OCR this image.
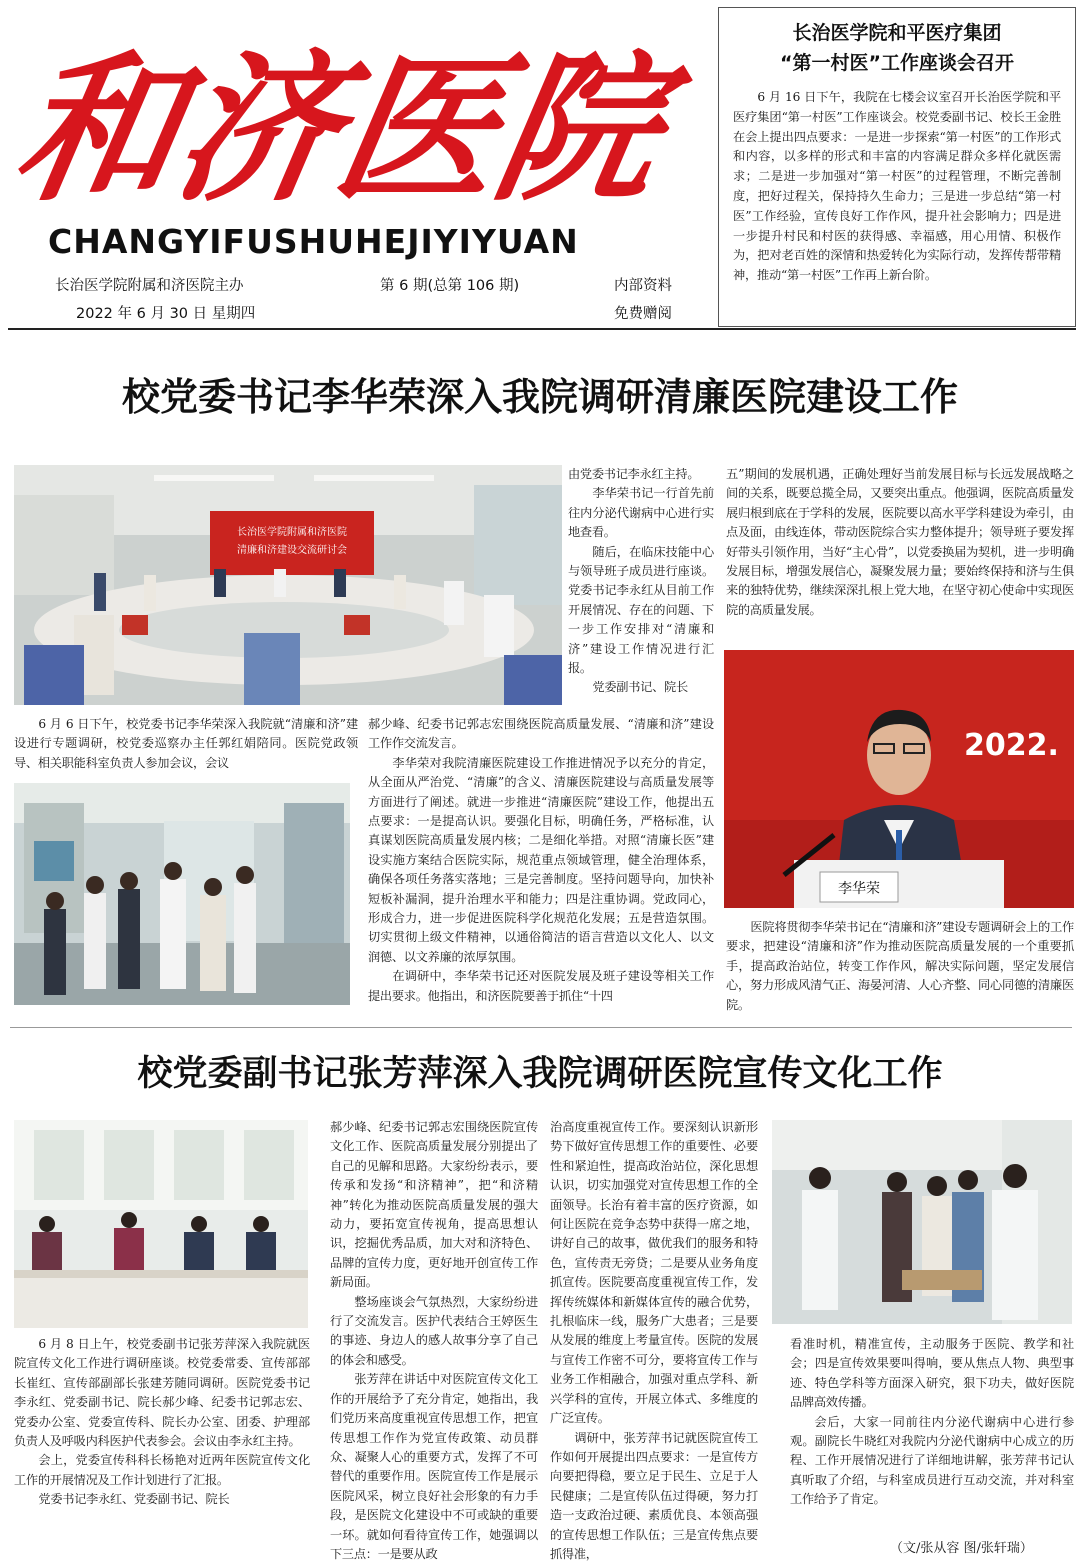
和济医院
CHANGYIFUSHUHEJIYIYUAN
长治医学院附属和济医院主办	第 6 期(总第 106 期)	内部资料
2022 年 6 月 30 日 星期四	免费赠阅
长治医学院和平医疗集团
“第一村医”工作座谈会召开

6 月 16 日下午，我院在七楼会议室召开长治医学院和平医疗集团“第一村医”工作座谈会。校党委副书记、校长王金胜在会上提出四点要求：一是进一步探索“第一村医”的工作形式和内容，以多样的形式和丰富的内容满足群众多样化就医需求；二是进一步加强对“第一村医”的过程管理，不断完善制度，把好过程关，保持持久生命力；三是进一步总结“第一村医”工作经验，宣传良好工作作风，提升社会影响力；四是进一步提升村民和村医的获得感、幸福感，用心用情、积极作为，把对老百姓的深情和热爱转化为实际行动，发挥传帮带精神，推动“第一村医”工作再上新台阶。

校党委书记李华荣深入我院调研清廉医院建设工作
长治医学院附属和济医院
清廉和济建设交流研讨会

由党委书记李永红主持。

李华荣书记一行首先前往内分泌代谢病中心进行实地查看。

随后，在临床技能中心与领导班子成员进行座谈。党委书记李永红从目前工作开展情况、存在的问题、下一步工作安排对“清廉和济”建设工作情况进行汇报。

党委副书记、院长

6 月 6 日下午，校党委书记李华荣深入我院就“清廉和济”建设进行专题调研，校党委巡察办主任郭红娟陪同。医院党政领导、相关职能科室负责人参加会议，会议

郝少峰、纪委书记郭志宏围绕医院高质量发展、“清廉和济”建设工作作交流发言。

李华荣对我院清廉医院建设工作推进情况予以充分的肯定，从全面从严治党、“清廉”的含义、清廉医院建设与高质量发展等方面进行了阐述。就进一步推进“清廉医院”建设工作，他提出五点要求：一是提高认识。要强化目标，明确任务，严格标准，认真谋划医院高质量发展内核；二是细化举措。对照“清廉长医”建设实施方案结合医院实际，规范重点领域管理，健全治理体系，确保各项任务落实落地；三是完善制度。坚持问题导向，加快补短板补漏洞，提升治理水平和能力；四是注重协调。党政同心，形成合力，进一步促进医院科学化规范化发展；五是营造氛围。切实贯彻上级文件精神，以通俗简洁的语言营造以文化人、以文润德、以文养廉的浓厚氛围。

在调研中，李华荣书记还对医院发展及班子建设等相关工作提出要求。他指出，和济医院要善于抓住“十四

五”期间的发展机遇，正确处理好当前发展目标与长远发展战略之间的关系，既要总揽全局，又要突出重点。他强调，医院高质量发展归根到底在于学科的发展，医院要以高水平学科建设为牵引，由点及面，由线连体，带动医院综合实力整体提升；领导班子要发挥好带头引领作用，当好“主心骨”，以党委换届为契机，进一步明确发展目标，增强发展信心，凝聚发展力量；要始终保持和济与生俱来的独特优势，继续深深扎根上党大地，在坚守初心使命中实现医院的高质量发展。

2022.
李华荣

医院将贯彻李华荣书记在“清廉和济”建设专题调研会上的工作要求，把建设“清廉和济”作为推动医院高质量发展的一个重要抓手，提高政治站位，转变工作作风，解决实际问题，坚定发展信心，努力形成风清气正、海晏河清、人心齐整、同心同德的清廉医院。

校党委副书记张芳萍深入我院调研医院宣传文化工作

6 月 8 日上午，校党委副书记张芳萍深入我院就医院宣传文化工作进行调研座谈。校党委常委、宣传部部长崔红、宣传部副部长张建芳随同调研。医院党委书记李永红、党委副书记、院长郝少峰、纪委书记郭志宏、党委办公室、党委宣传科、院长办公室、团委、护理部负责人及呼吸内科医护代表参会。会议由李永红主持。

会上，党委宣传科科长杨艳对近两年医院宣传文化工作的开展情况及工作计划进行了汇报。

党委书记李永红、党委副书记、院长

郝少峰、纪委书记郭志宏围绕医院宣传文化工作、医院高质量发展分别提出了自己的见解和思路。大家纷纷表示，要传承和发扬“和济精神”，把“和济精神”转化为推动医院高质量发展的强大动力，要拓宽宣传视角，提高思想认识，挖掘优秀品质，加大对和济特色、品牌的宣传力度，更好地开创宣传工作新局面。

整场座谈会气氛热烈，大家纷纷进行了交流发言。医护代表结合王婷医生的事迹、身边人的感人故事分享了自己的体会和感受。

张芳萍在讲话中对医院宣传文化工作的开展给予了充分肯定，她指出，我们党历来高度重视宣传思想工作，把宣传思想工作作为党宣传政策、动员群众、凝聚人心的重要方式，发挥了不可替代的重要作用。医院宣传工作是展示医院风采，树立良好社会形象的有力手段，是医院文化建设中不可或缺的重要一环。就如何看待宣传工作，她强调以下三点：一是要从政

治高度重视宣传工作。要深刻认识新形势下做好宣传思想工作的重要性、必要性和紧迫性，提高政治站位，深化思想认识，切实加强党对宣传思想工作的全面领导。长治有着丰富的医疗资源，如何让医院在竞争态势中获得一席之地，讲好自己的故事，做优我们的服务和特色，宣传责无旁贷；二是要从业务角度抓宣传。医院要高度重视宣传工作，发挥传统媒体和新媒体宣传的融合优势，扎根临床一线，服务广大患者；三是要从发展的维度上考量宣传。医院的发展与宣传工作密不可分，要将宣传工作与业务工作相融合，加强对重点学科、新兴学科的宣传，开展立体式、多维度的广泛宣传。

调研中，张芳萍书记就医院宣传工作如何开展提出四点要求：一是宣传方向要把得稳，要立足于民生、立足于人民健康；二是宣传队伍过得硬，努力打造一支政治过硬、素质优良、本领高强的宣传思想工作队伍；三是宣传焦点要抓得准，

看准时机，精准宣传，主动服务于医院、教学和社会；四是宣传效果要叫得响，要从焦点人物、典型事迹、特色学科等方面深入研究，狠下功夫，做好医院品牌高效传播。

会后，大家一同前往内分泌代谢病中心进行参观。副院长牛晓红对我院内分泌代谢病中心成立的历程、工作开展情况进行了详细地讲解，张芳萍书记认真听取了介绍，与科室成员进行互动交流，并对科室工作给予了肯定。

（文/张从容 图/张轩瑞）
